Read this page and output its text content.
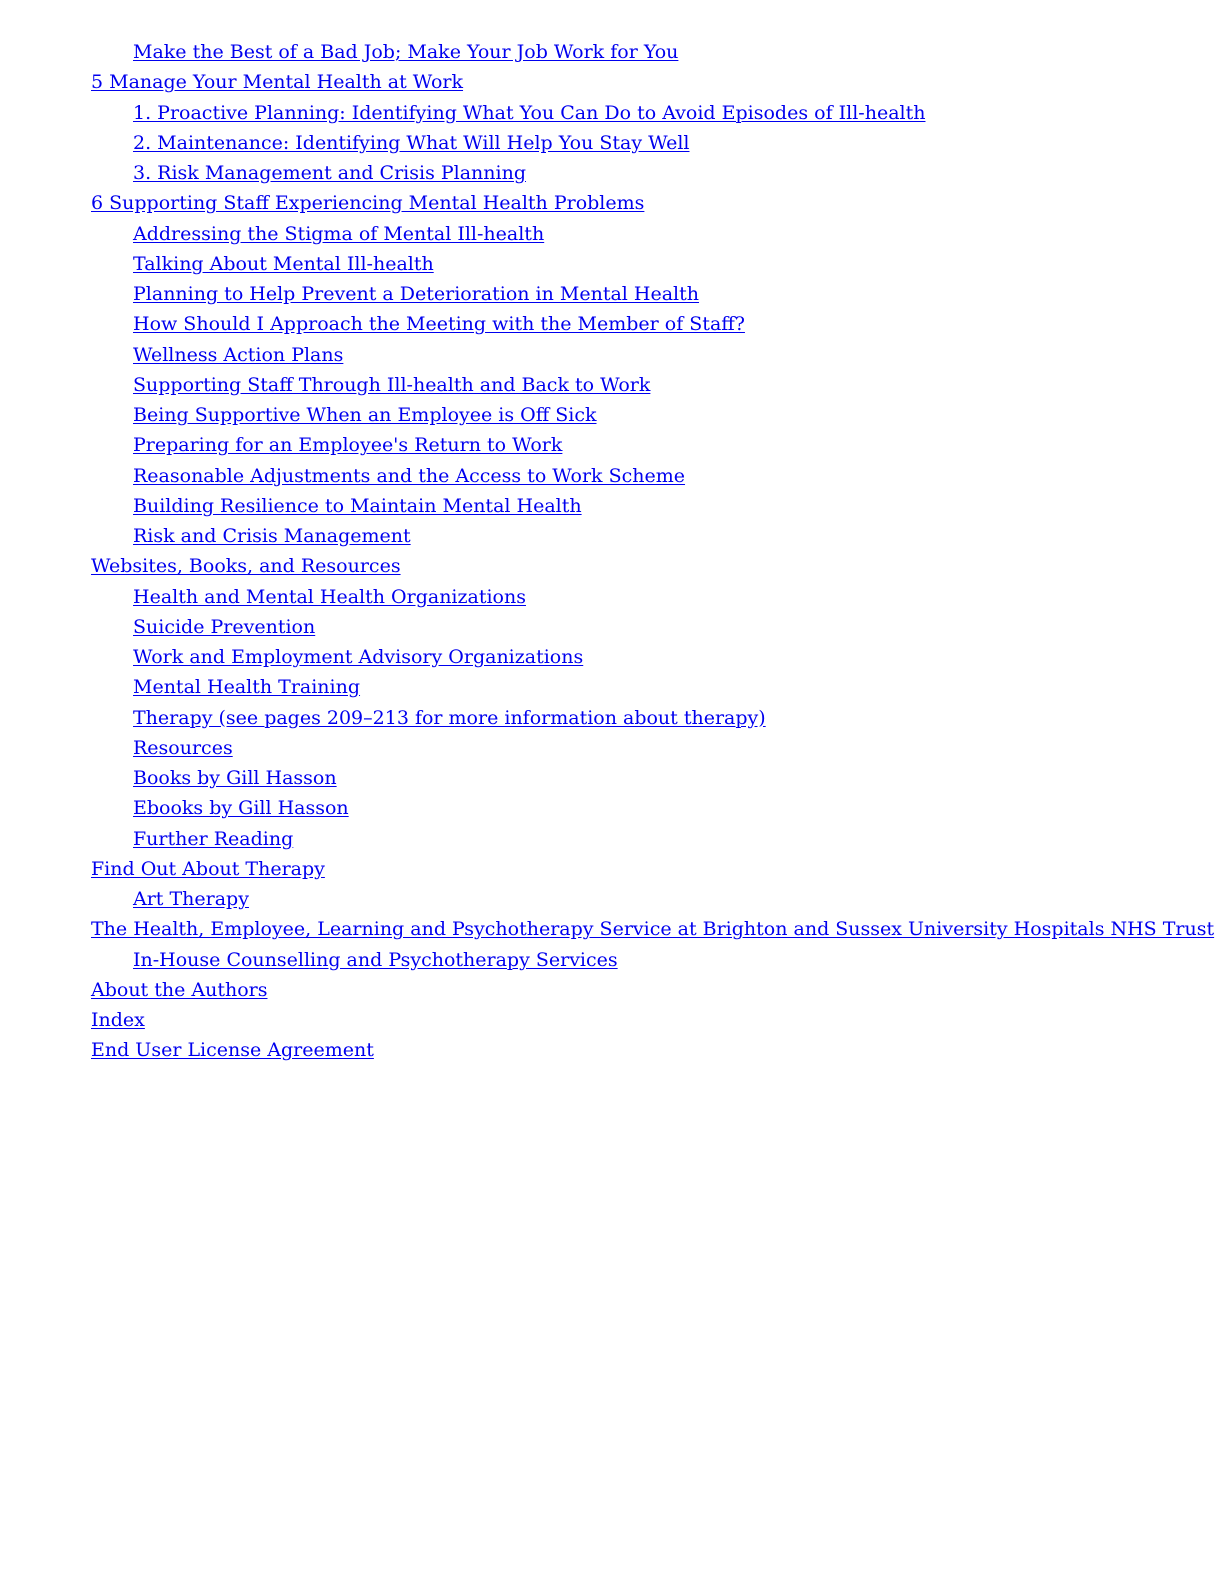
Make the Best of a Bad Job; Make Your Job Work for You
5 Manage Your Mental Health at Work
1. Proactive Planning: Identifying What You Can Do to Avoid Episodes of Ill-health
2. Maintenance: Identifying What Will Help You Stay Well
3. Risk Management and Crisis Planning
6 Supporting Staff Experiencing Mental Health Problems
Addressing the Stigma of Mental Ill-health
Talking About Mental Ill-health
Planning to Help Prevent a Deterioration in Mental Health
How Should I Approach the Meeting with the Member of Staff?
Wellness Action Plans
Supporting Staff Through Ill-health and Back to Work
Being Supportive When an Employee is Off Sick
Preparing for an Employee's Return to Work
Reasonable Adjustments and the Access to Work Scheme
Building Resilience to Maintain Mental Health
Risk and Crisis Management
Websites, Books, and Resources
Health and Mental Health Organizations
Suicide Prevention
Work and Employment Advisory Organizations
Mental Health Training
Therapy (see pages 209–213 for more information about therapy)
Resources
Books by Gill Hasson
Ebooks by Gill Hasson
Further Reading
Find Out About Therapy
Art Therapy
The Health, Employee, Learning and Psychotherapy Service at Brighton and Sussex University Hospitals NHS Trust
In-House Counselling and Psychotherapy Services
About the Authors
Index
End User License Agreement
